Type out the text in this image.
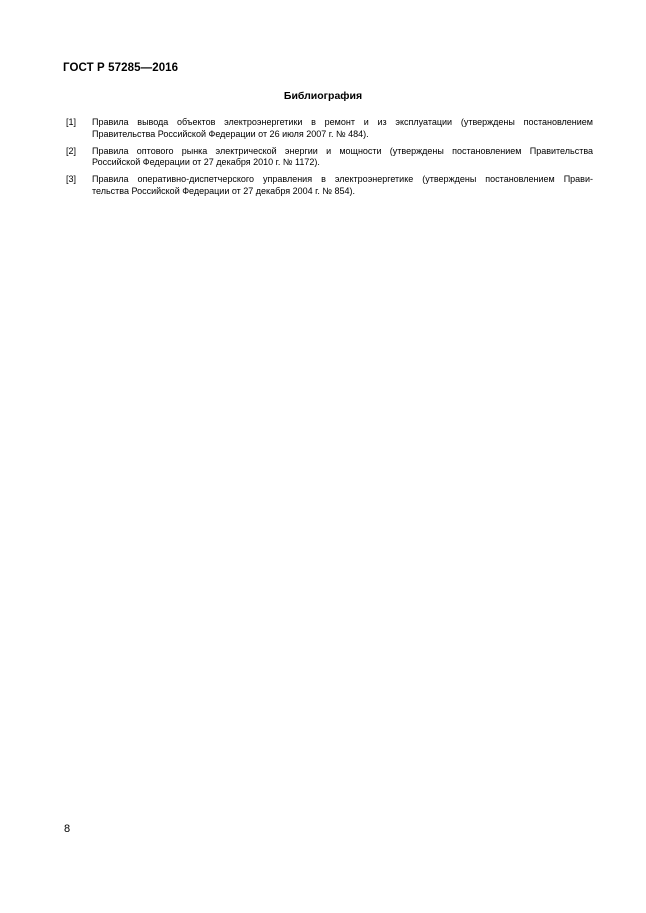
ГОСТ Р 57285—2016
Библиография
[1] Правила вывода объектов электроэнергетики в ремонт и из эксплуатации (утверждены постановлением
Правительства Российской Федерации от 26 июля 2007 г. № 484).
[2] Правила оптового рынка электрической энергии и мощности (утверждены постановлением Правительства
Российской Федерации от 27 декабря 2010 г. № 1172).
[3] Правила оперативно-диспетчерского управления в электроэнергетике (утверждены постановлением Прави-
тельства Российской Федерации от 27 декабря 2004 г. № 854).
8
